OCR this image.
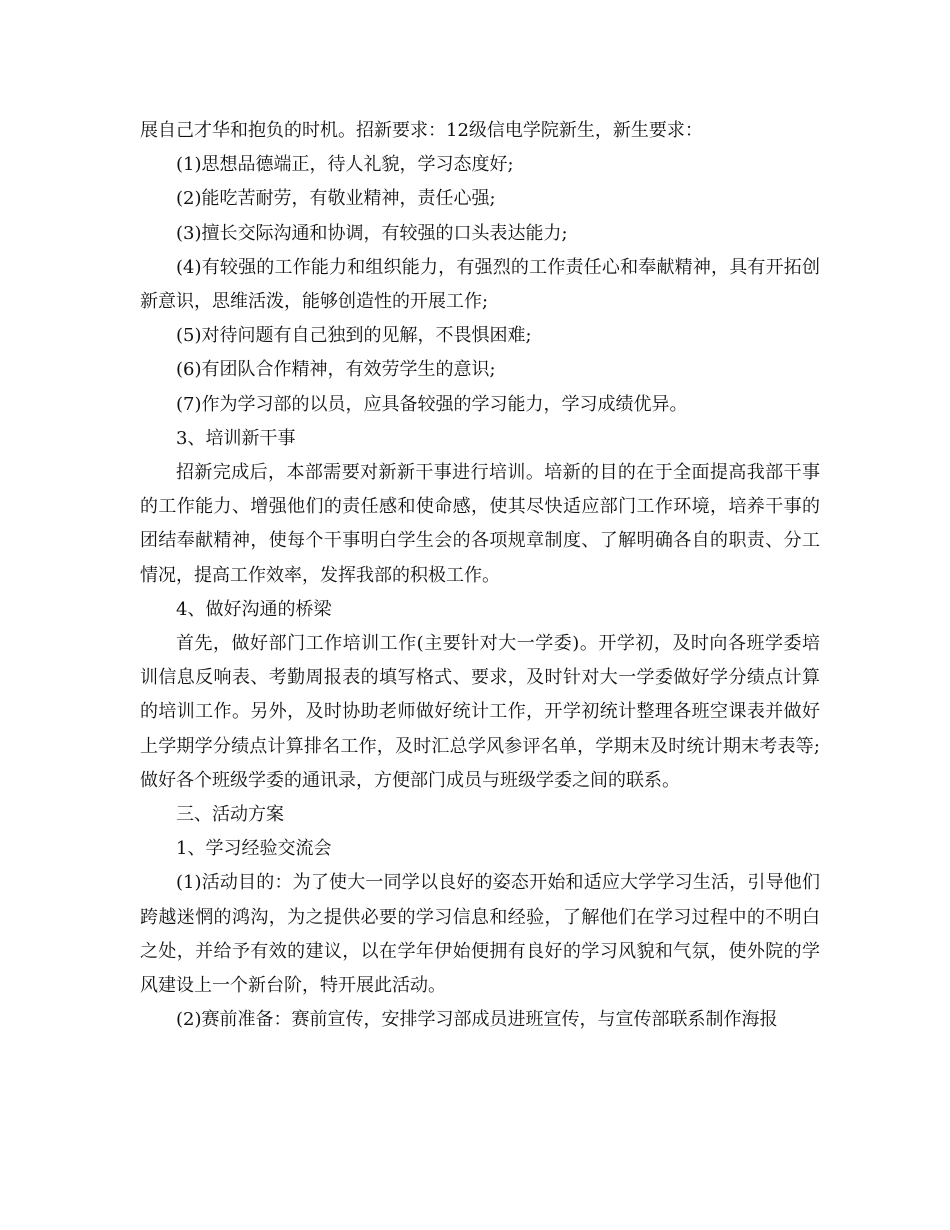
展自己才华和抱负的时机。招新要求：12级信电学院新生，新生要求：

(1)思想品德端正，待人礼貌，学习态度好;

(2)能吃苦耐劳，有敬业精神，责任心强;

(3)擅长交际沟通和协调，有较强的口头表达能力;

(4)有较强的工作能力和组织能力，有强烈的工作责任心和奉献精神，具有开拓创新意识，思维活泼，能够创造性的开展工作;

(5)对待问题有自己独到的见解，不畏惧困难;

(6)有团队合作精神，有效劳学生的意识;

(7)作为学习部的以员，应具备较强的学习能力，学习成绩优异。

3、培训新干事

招新完成后，本部需要对新新干事进行培训。培新的目的在于全面提高我部干事的工作能力、增强他们的责任感和使命感，使其尽快适应部门工作环境，培养干事的团结奉献精神，使每个干事明白学生会的各项规章制度、了解明确各自的职责、分工情况，提高工作效率，发挥我部的积极工作。

4、做好沟通的桥梁

首先，做好部门工作培训工作(主要针对大一学委)。开学初，及时向各班学委培训信息反响表、考勤周报表的填写格式、要求，及时针对大一学委做好学分绩点计算的培训工作。另外，及时协助老师做好统计工作，开学初统计整理各班空课表并做好上学期学分绩点计算排名工作，及时汇总学风参评名单，学期末及时统计期末考表等;做好各个班级学委的通讯录，方便部门成员与班级学委之间的联系。

三、活动方案

1、学习经验交流会

(1)活动目的：为了使大一同学以良好的姿态开始和适应大学学习生活，引导他们跨越迷惘的鸿沟，为之提供必要的学习信息和经验，了解他们在学习过程中的不明白之处，并给予有效的建议，以在学年伊始便拥有良好的学习风貌和气氛，使外院的学风建设上一个新台阶，特开展此活动。

(2)赛前准备：赛前宣传，安排学习部成员进班宣传，与宣传部联系制作海报
